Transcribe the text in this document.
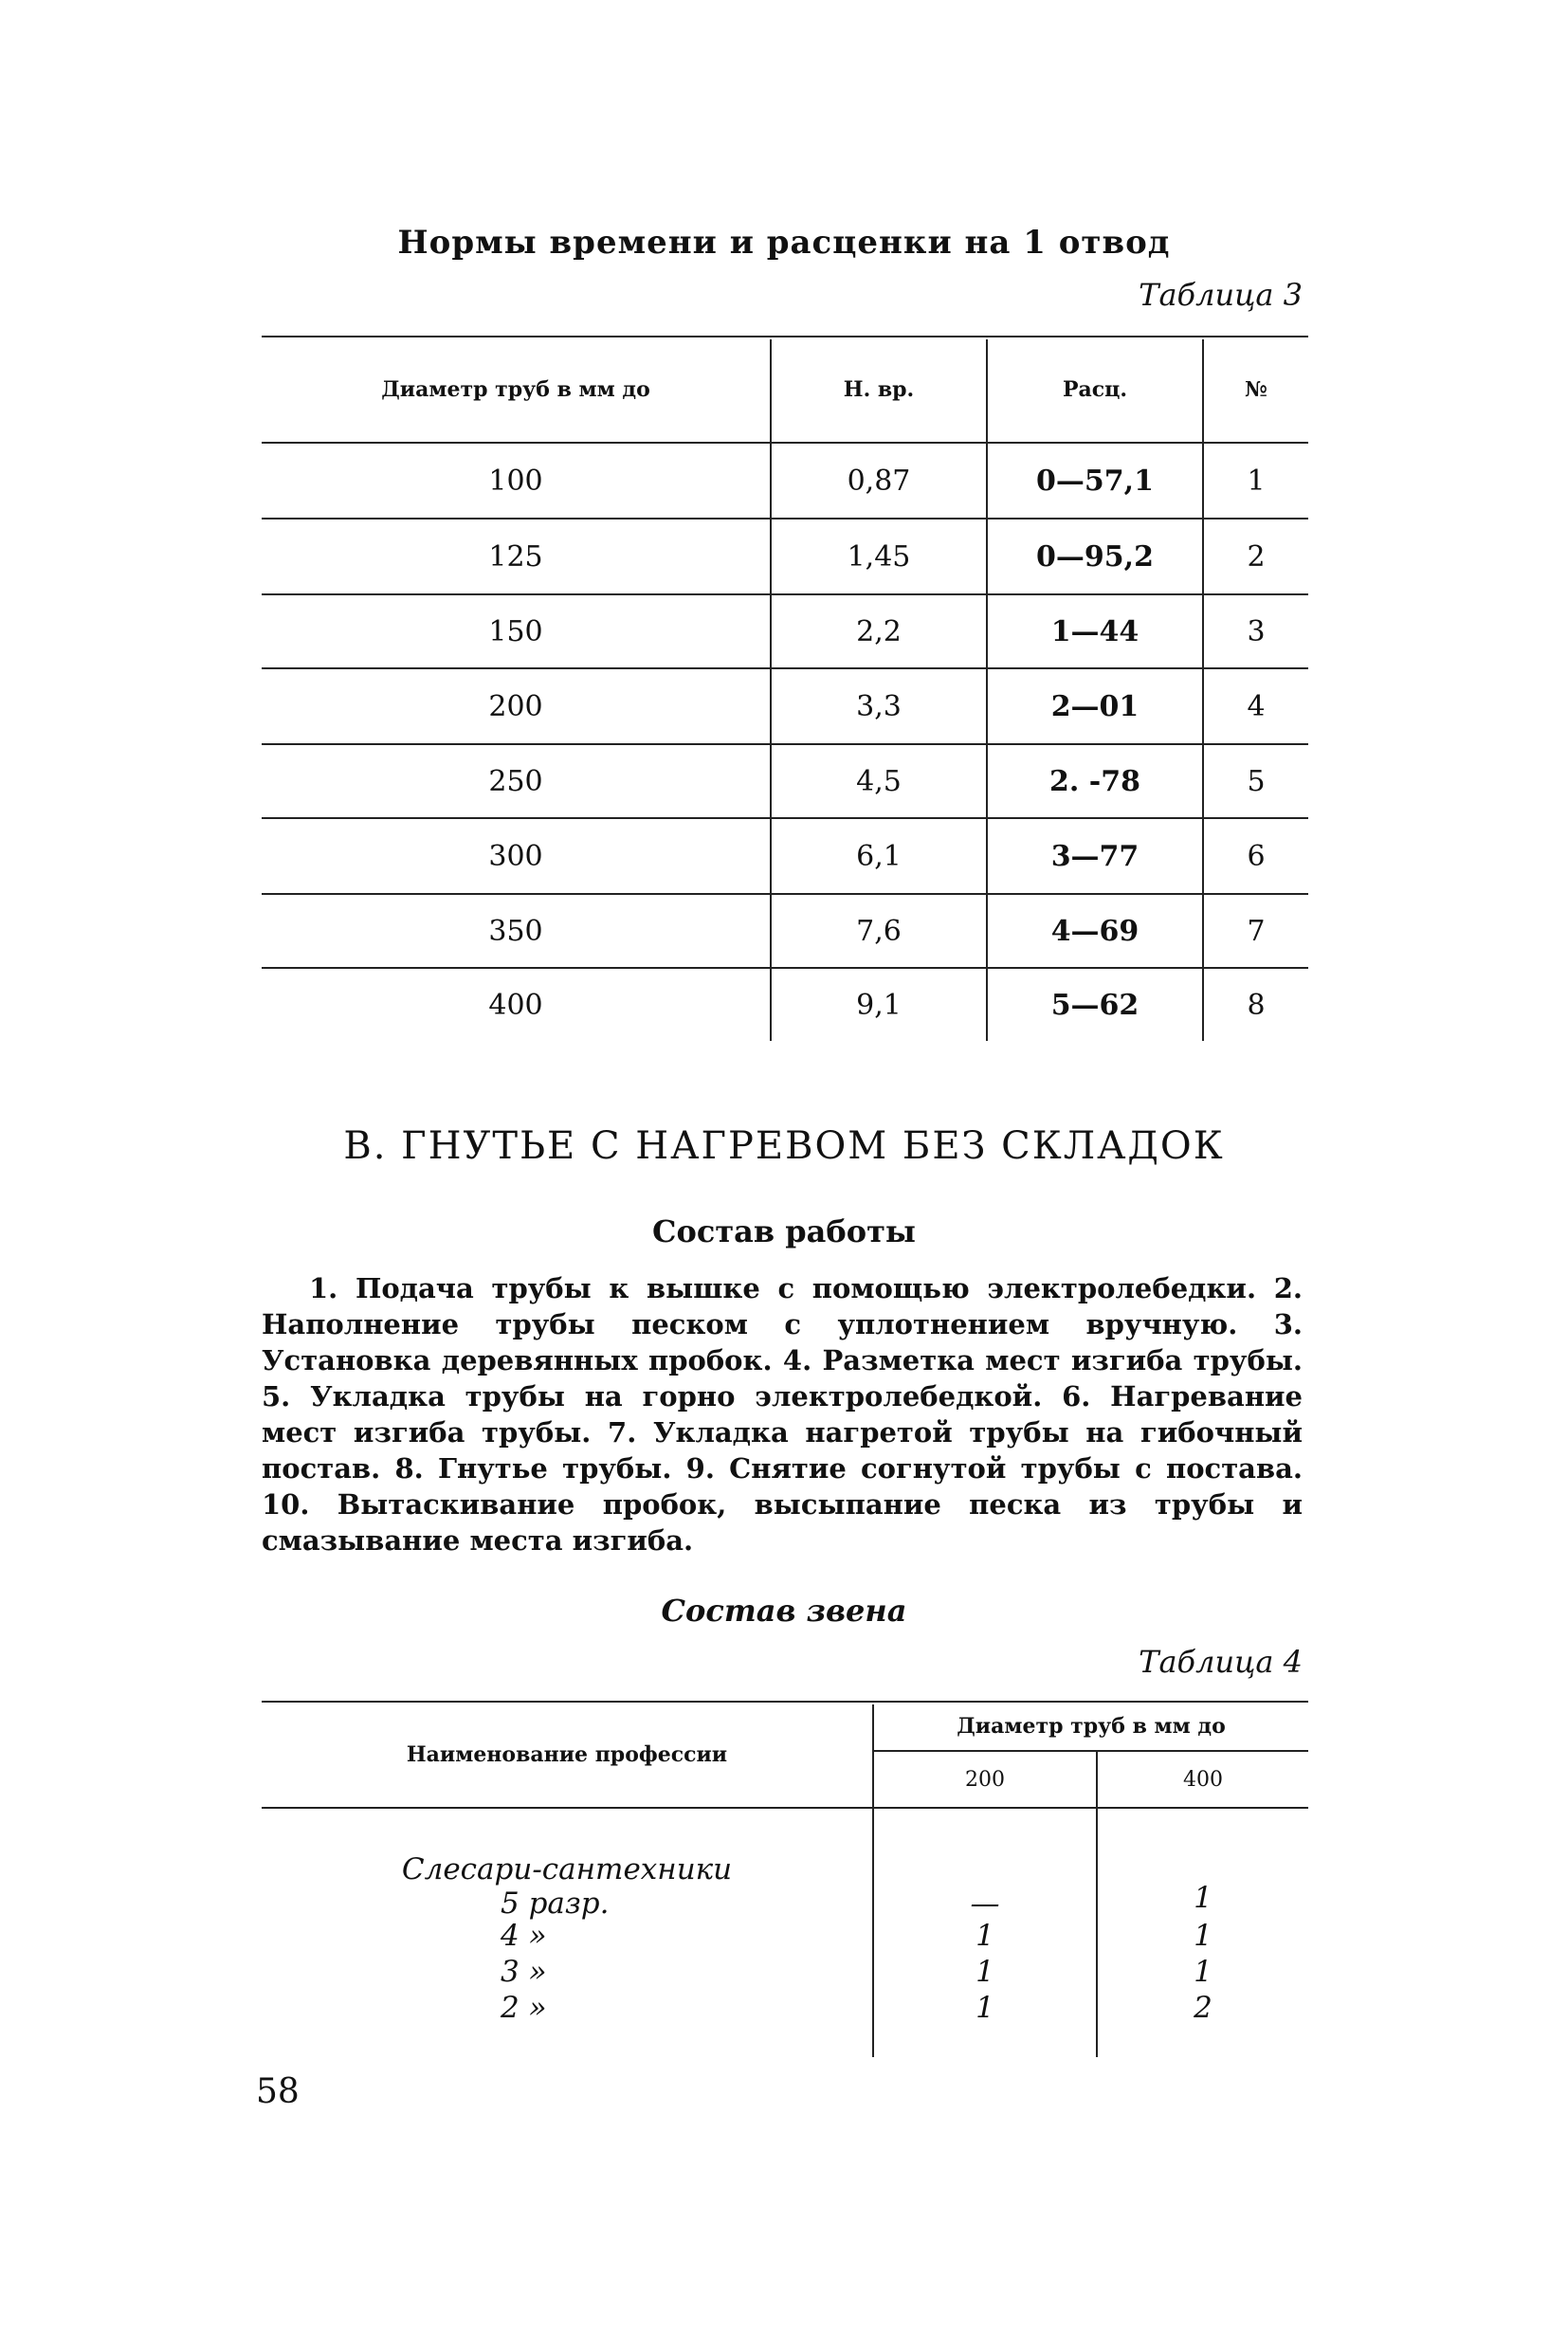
Нормы времени и расценки на 1 отвод
Таблица 3
Диаметр труб в мм до	Н. вр.	Расц.	№
100	0,87	0—57,1	1
125	1,45	0—95,2	2
150	2,2	1—44	3
200	3,3	2—01	4
250	4,5	2. -78	5
300	6,1	3—77	6
350	7,6	4—69	7
400	9,1	5—62	8
В. ГНУТЬЕ С НАГРЕВОМ БЕЗ СКЛАДОК
Состав работы
1. Подача трубы к вышке с помощью электролебедки. 2. Наполнение трубы песком с уплотнением вручную. 3. Установка деревянных пробок. 4. Разметка мест изгиба трубы. 5. Укладка трубы на горно электролебедкой. 6. Нагревание мест изгиба трубы. 7. Укладка нагретой трубы на гибочный постав. 8. Гнутье трубы. 9. Снятие согнутой трубы с постава. 10. Вытаскивание пробок, высыпание песка из трубы и смазывание места изгиба.
Состав звена
Таблица 4
Наименование профессии
Диаметр труб в мм до
200	400
Слесари-сантехники
5 разр.	—	1
4 »	1	1
3 »	1	1
2 »	1	2
58
